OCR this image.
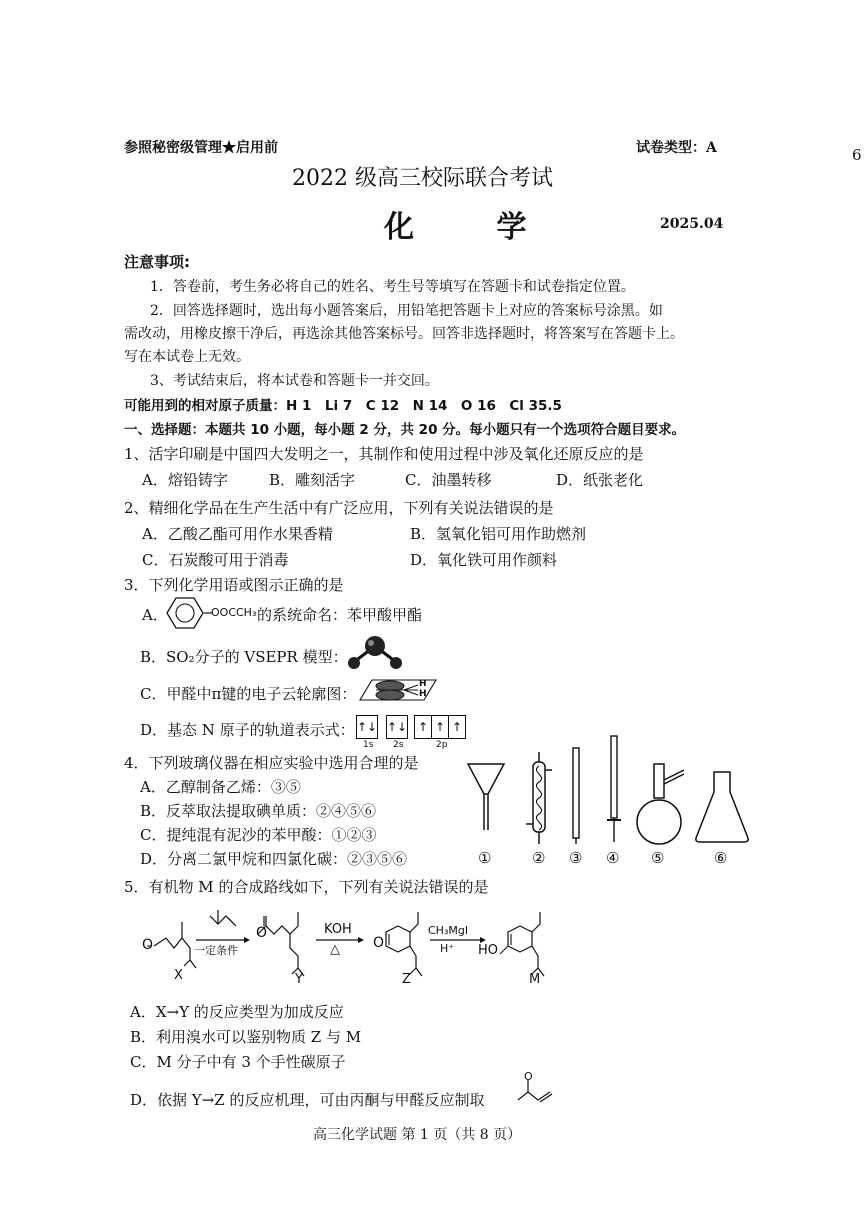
6
参照秘密级管理★启用前	试卷类型：A
2022 级高三校际联合考试
化 学	2025.04
注意事项:
1．答卷前，考生务必将自己的姓名、考生号等填写在答题卡和试卷指定位置。
2．回答选择题时，选出每小题答案后，用铅笔把答题卡上对应的答案标号涂黑。如
需改动，用橡皮擦干净后，再选涂其他答案标号。回答非选择题时，将答案写在答题卡上。
写在本试卷上无效。
3、考试结束后，将本试卷和答题卡一并交回。
可能用到的相对原子质量：H 1　Li 7　C 12　N 14　O 16　Cl 35.5
一、选择题：本题共 10 小题，每小题 2 分，共 20 分。每小题只有一个选项符合题目要求。
1、活字印刷是中国四大发明之一，其制作和使用过程中涉及氧化还原反应的是
A．熔铅铸字	B．雕刻活字	C．油墨转移	D．纸张老化
2、精细化学品在生产生活中有广泛应用，下列有关说法错误的是
A．乙酸乙酯可用作水果香精	B．氢氧化铝可用作助燃剂
C．石炭酸可用于消毒	D．氧化铁可用作颜料
3．下列化学用语或图示正确的是
A．	OOCCH₃ 的系统命名：苯甲酸甲酯
B．SO₂分子的 VSEPR 模型：
C．甲醛中π键的电子云轮廓图：
H
H
D．基态 N 原子的轨道表示式： ↑↓ ↑↓ ↑ ↑ ↑
1s 2s	2p
4．下列玻璃仪器在相应实验中选用合理的是
A．乙醇制备乙烯：③⑤
B．反萃取法提取碘单质：②④⑤⑥
C．提纯混有泥沙的苯甲酸：①②③
D．分离二氯甲烷和四氯化碳：②③⑤⑥	①	② ③ ④ ⑤	⑥
5．有机物 M 的合成路线如下，下列有关说法错误的是
O
O
O
一定条件
KOH
△
CH₃MgI
H⁺ HO
X	Y	Z	M
A．X→Y 的反应类型为加成反应
B．利用溴水可以鉴别物质 Z 与 M
C．M 分子中有 3 个手性碳原子
D．依据 Y→Z 的反应机理，可由丙酮与甲醛反应制取
O
高三化学试题 第 1 页（共 8 页）
